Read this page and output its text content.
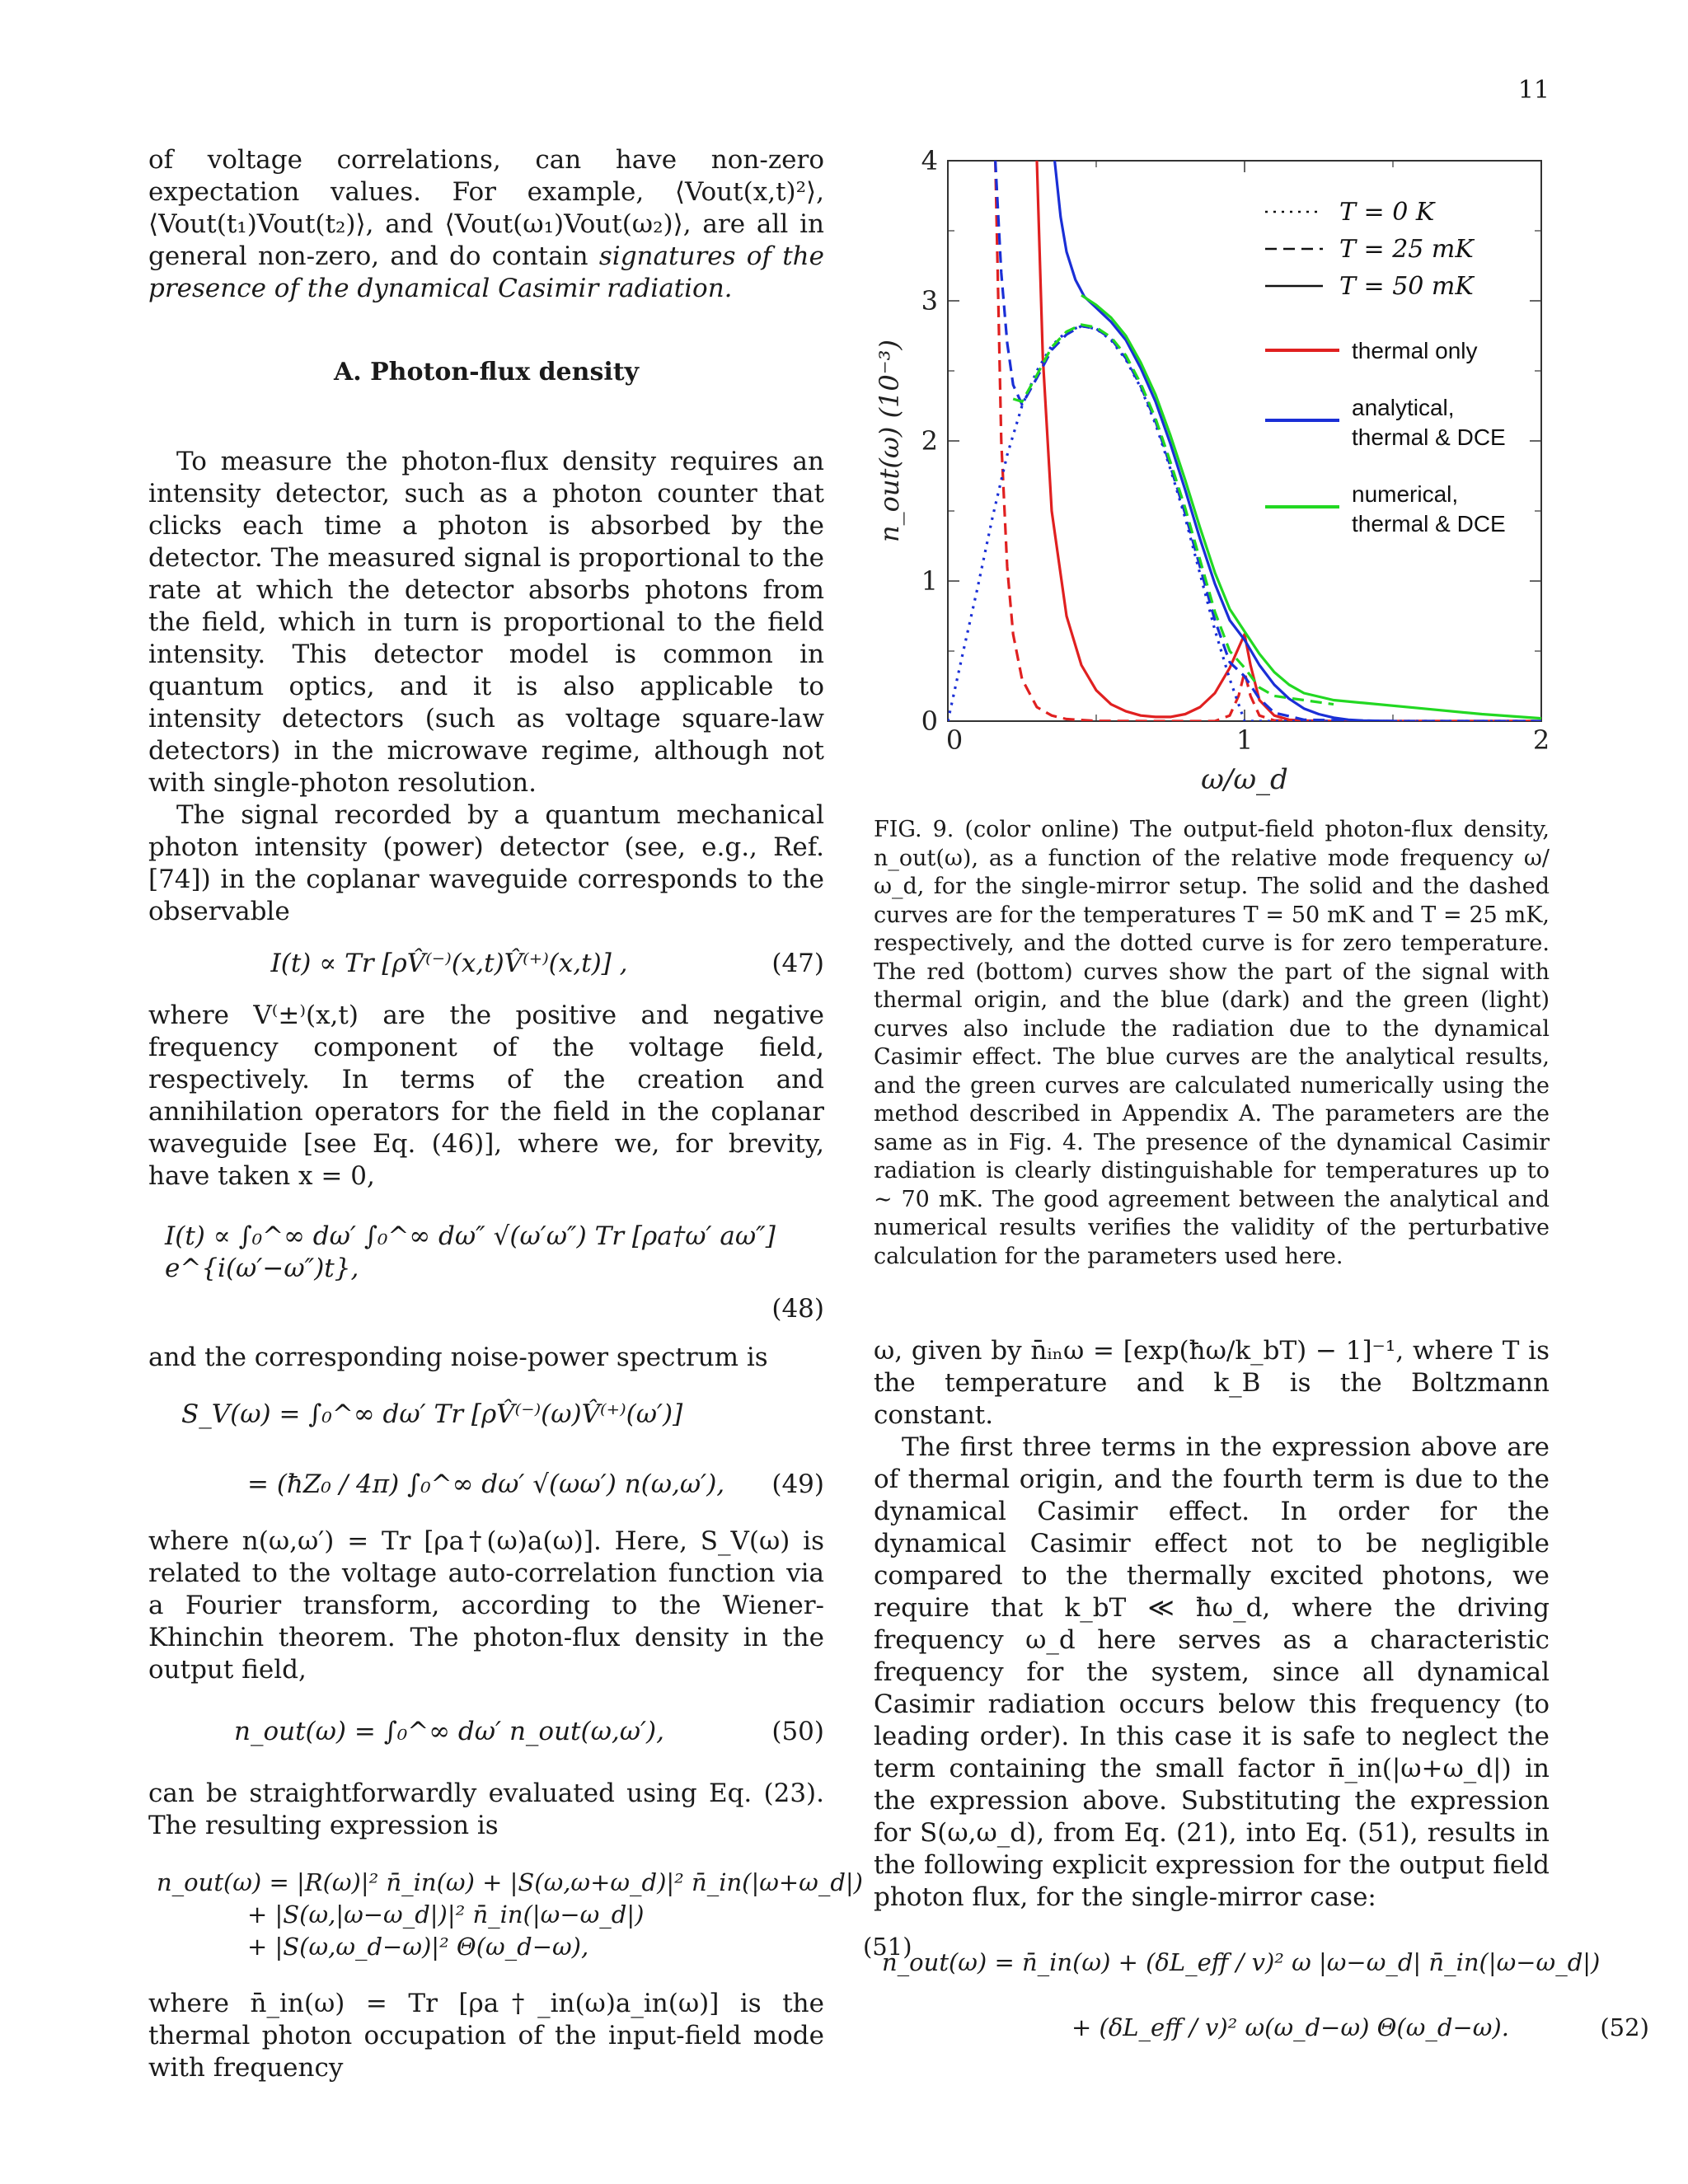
11

of voltage correlations, can have non-zero expectation values. For example, ⟨Vout(x,t)²⟩, ⟨Vout(t₁)Vout(t₂)⟩, and ⟨Vout(ω₁)Vout(ω₂)⟩, are all in general non-zero, and do contain signatures of the presence of the dynamical Casimir radiation.

A. Photon-flux density

To measure the photon-flux density requires an intensity detector, such as a photon counter that clicks each time a photon is absorbed by the detector. The measured signal is proportional to the rate at which the detector absorbs photons from the field, which in turn is proportional to the field intensity. This detector model is common in quantum optics, and it is also applicable to intensity detectors (such as voltage square-law detectors) in the microwave regime, although not with single-photon resolution.

The signal recorded by a quantum mechanical photon intensity (power) detector (see, e.g., Ref. [74]) in the coplanar waveguide corresponds to the observable

I(t) ∝ Tr [ρV̂⁽⁻⁾(x,t)V̂⁽⁺⁾(x,t)] ,	(47)

where V⁽±⁾(x,t) are the positive and negative frequency component of the voltage field, respectively. In terms of the creation and annihilation operators for the field in the coplanar waveguide [see Eq. (46)], where we, for brevity, have taken x = 0,

I(t) ∝ ∫₀^∞ dω′ ∫₀^∞ dω″ √(ω′ω″) Tr [ρa†ω′ aω″] e^{i(ω′−ω″)t},
(48)

and the corresponding noise-power spectrum is

S_V(ω) = ∫₀^∞ dω′ Tr [ρV̂⁽⁻⁾(ω)V̂⁽⁺⁾(ω′)]
= (ħZ₀ / 4π) ∫₀^∞ dω′ √(ωω′) n(ω,ω′),	(49)

where n(ω,ω′) = Tr [ρa†(ω)a(ω)]. Here, S_V(ω) is related to the voltage auto-correlation function via a Fourier transform, according to the Wiener-Khinchin theorem. The photon-flux density in the output field,

n_out(ω) = ∫₀^∞ dω′ n_out(ω,ω′),	(50)

can be straightforwardly evaluated using Eq. (23). The resulting expression is

n_out(ω) = |R(ω)|² n̄_in(ω) + |S(ω,ω+ω_d)|² n̄_in(|ω+ω_d|)
+ |S(ω,|ω−ω_d|)|² n̄_in(|ω−ω_d|)
+ |S(ω,ω_d−ω)|² Θ(ω_d−ω),	(51)

where n̄_in(ω) = Tr [ρa†_in(ω)a_in(ω)] is the thermal photon occupation of the input-field mode with frequency

0	1	2
0
1
2
3
4
ω/ω_d
n_out(ω) (10⁻³)
T = 0 K
T = 25 mK
T = 50 mK
thermal only
analytical,
thermal & DCE
numerical,
thermal & DCE
FIG. 9. (color online) The output-field photon-flux density, n_out(ω), as a function of the relative mode frequency ω/ω_d, for the single-mirror setup. The solid and the dashed curves are for the temperatures T = 50 mK and T = 25 mK, respectively, and the dotted curve is for zero temperature. The red (bottom) curves show the part of the signal with thermal origin, and the blue (dark) and the green (light) curves also include the radiation due to the dynamical Casimir effect. The blue curves are the analytical results, and the green curves are calculated numerically using the method described in Appendix A. The parameters are the same as in Fig. 4. The presence of the dynamical Casimir radiation is clearly distinguishable for temperatures up to ∼ 70 mK. The good agreement between the analytical and numerical results verifies the validity of the perturbative calculation for the parameters used here.

ω, given by n̄ᵢₙω = [exp(ħω/k_bT) − 1]⁻¹, where T is the temperature and k_B is the Boltzmann constant.

The first three terms in the expression above are of thermal origin, and the fourth term is due to the dynamical Casimir effect. In order for the dynamical Casimir effect not to be negligible compared to the thermally excited photons, we require that k_bT ≪ ħω_d, where the driving frequency ω_d here serves as a characteristic frequency for the system, since all dynamical Casimir radiation occurs below this frequency (to leading order). In this case it is safe to neglect the term containing the small factor n̄_in(|ω+ω_d|) in the expression above. Substituting the expression for S(ω,ω_d), from Eq. (21), into Eq. (51), results in the following explicit expression for the output field photon flux, for the single-mirror case:

n_out(ω) = n̄_in(ω) + (δL_eff / v)² ω |ω−ω_d| n̄_in(|ω−ω_d|)
+ (δL_eff / v)² ω(ω_d−ω) Θ(ω_d−ω).	(52)
